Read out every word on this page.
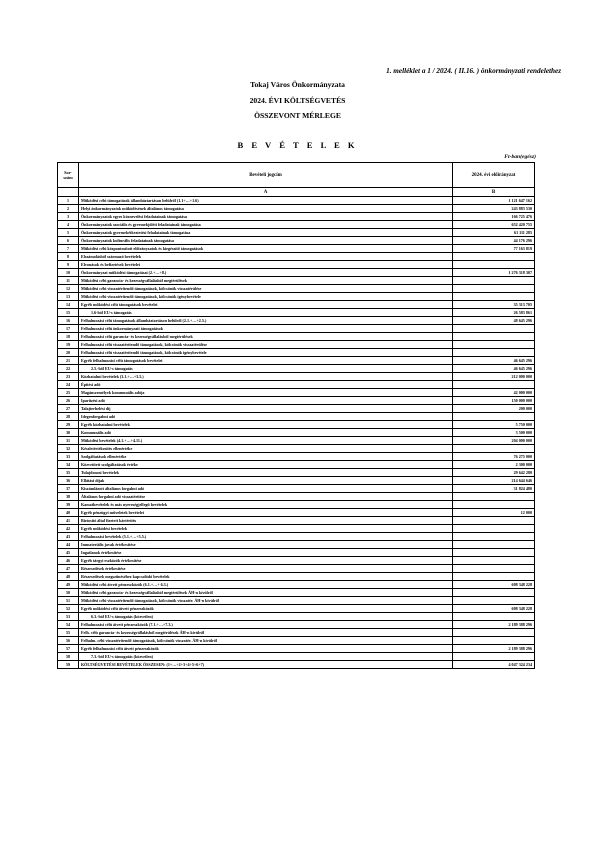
1. melléklet a 1 / 2024. ( II.16. ) önkormányzati rendelethez
Tokaj Város Önkormányzata
2024. ÉVI KÖLTSÉGVETÉS
ÖSSZEVONT MÉRLEGE
B E V É T E L E K
Ft-ban(egész)
Sor-
szám	Bevételi jogcím	2024. évi előirányzat
	A	B
1	Működési célú támogatások államháztartáson belülről (1.1+…+1.6)	1 121 647 162
2	Helyi önkormányzatok működésének általános támogatása	243 883 530
3	Önkormányzatok egyes köznevelési feladatainak támogatása	166 725 476
4	Önkormányzatok szociális és gyermekjóléti feladatainak támogatása	652 420 755
5	Önkormányzatok gyermekétkeztetési feladatainak támogatása	61 111 285
6	Önkormányzatok kulturális feladatainak támogatása	44 176 296
7	Működési célú központosított előirányzatok és kiegészítő támogatások	77 163 819
8	Elszámolásból származó bevételek	
9	Elvonások és befizetések bevételei	
10	Önkormányzat működési támogatásai (2.+…+8.)	1 276 318 307
11	Működési célú garancia- és kezességvállalásból megtérülések	
12	Működési célú visszatérítendő támogatások, kölcsönök visszatérülése	
13	Működési célú visszatérítendő támogatások, kölcsönök igénybevétele	
14	Egyéb működési célú támogatások bevételei	35 313 705
15	1.6-ból EU-s támogatás	26 583 861
16	Felhalmozási célú támogatások államháztartáson belülről (2.1.+…+2.5.)	48 645 296
17	Felhalmozási célú önkormányzati támogatások	
18	Felhalmozási célú garancia- és kezességvállalásból megtérülések	
19	Felhalmozási célú visszatérítendő támogatások, kölcsönök visszatérülése	
20	Felhalmozási célú visszatérítendő támogatások, kölcsönök igénybevétele	
21	Egyéb felhalmozási célú támogatások bevételei	46 645 296
22	2.5.-ből EU-s támogatás	46 645 296
23	Közhatalmi bevételek (3.1.+…+3.5.)	212 000 000
24	Építési adó	
25	Magánszemélyek kommunális adója	42 000 000
26	Iparűzési adó	150 000 000
27	Talajterhelési díj	200 000
28	Idegenforgalmi adó	
29	Egyéb közhatalmi bevételek	5 750 000
30	Kommunális adó	3 500 000
31	Működési bevételek (4.1.+…+4.11.)	204 000 000
32	Készletértékesítés ellenértéke	
33	Szolgáltatások ellenértéke	76 275 000
34	Közvetített szolgáltatások értéke	2 300 000
35	Tulajdonosi bevételek	29 642 280
36	Ellátási díjak	214 644 646
37	Kiszámlázott általános forgalmi adó	31 824 480
38	Általános forgalmi adó visszatérítése	
39	Kamatbevételek és más nyereségjellegű bevételek	
40	Egyéb pénzügyi műveletek bevételei	12 000
41	Biztosító által fizetett kártérítés	
42	Egyéb működési bevételek	
43	Felhalmozási bevételek (5.1.+…+5.5.)	
44	Immateriális javak értékesítése	
45	Ingatlanok értékesítése	
46	Egyéb tárgyi eszközök értékesítése	
47	Részesedések értékesítése	
48	Részesedések megszűnéséhez kapcsolódó bevételek	
49	Működési célú átvett pénzeszközök (6.1.+…+ 6.3.)	608 348 228
50	Működési célú garancia- és kezességvállalásból megtérülések ÁH-n kívülről	
51	Működési célú visszatérítendő támogatások, kölcsönök visszatér. ÁH-n kívülről	
52	Egyéb működési célú átvett pénzeszközök	608 348 228
53	6.3.-ból EU-s támogatás (közvetlen)	
54	Felhalmozási célú átvett pénzeszközök (7.1.+…+7.3.)	2 189 388 296
55	Felh. célú garancia- és kezességvállalásból megtérülések ÁH-n kívülről	
56	Felhalm. célú visszatérítendő támogatások, kölcsönök visszatér. ÁH-n kívülről	
57	Egyéb felhalmozási célú átvett pénzeszközök	2 189 388 296
58	7.3.-ból EU-s támogatás (közvetlen)	
59	KÖLTSÉGVETÉSI BEVÉTELEK ÖSSZESEN: (1+…+2+3+4+5+6+7)	4 047 324 234
